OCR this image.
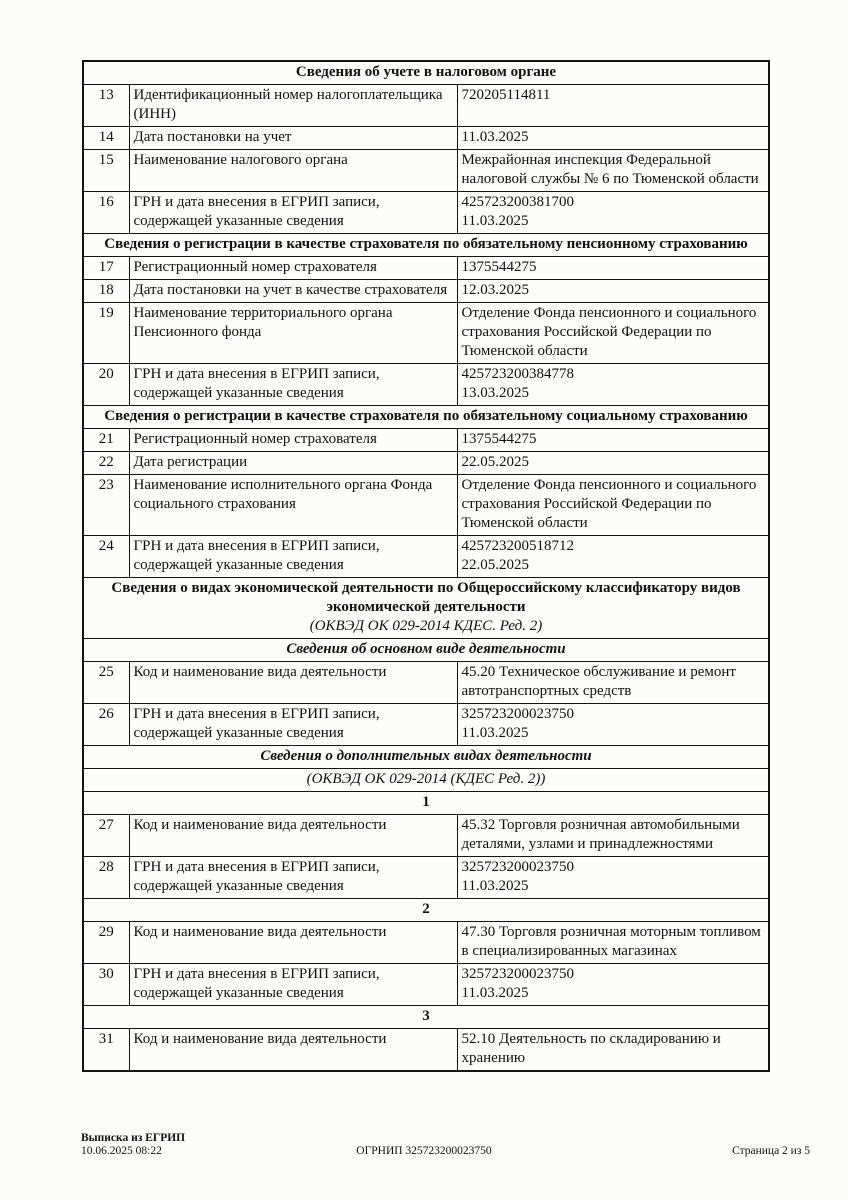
Сведения об учете в налоговом органе		

13	Идентификационный номер налогоплательщика (ИНН)	720205114811

14	Дата постановки на учет	11.03.2025

15	Наименование налогового органа	Межрайонная инспекция Федеральной налоговой службы № 6 по Тюменской области

16	ГРН и дата внесения в ЕГРИП записи, содержащей указанные сведения	425723200381700
11.03.2025

Сведения о регистрации в качестве страхователя по обязательному пенсионному страхованию		

17	Регистрационный номер страхователя	1375544275

18	Дата постановки на учет в качестве страхователя	12.03.2025

19	Наименование территориального органа Пенсионного фонда	Отделение Фонда пенсионного и социального страхования Российской Федерации по Тюменской области

20	ГРН и дата внесения в ЕГРИП записи, содержащей указанные сведения	425723200384778
13.03.2025

Сведения о регистрации в качестве страхователя по обязательному социальному страхованию		

21	Регистрационный номер страхователя	1375544275

22	Дата регистрации	22.05.2025

23	Наименование исполнительного органа Фонда социального страхования	Отделение Фонда пенсионного и социального страхования Российской Федерации по Тюменской области

24	ГРН и дата внесения в ЕГРИП записи, содержащей указанные сведения	425723200518712
22.05.2025

Сведения о видах экономической деятельности по Общероссийскому классификатору видов экономической деятельности
(ОКВЭД ОК 029-2014 КДЕС. Ред. 2)		

Сведения об основном виде деятельности		

25	Код и наименование вида деятельности	45.20 Техническое обслуживание и ремонт автотранспортных средств

26	ГРН и дата внесения в ЕГРИП записи, содержащей указанные сведения	325723200023750
11.03.2025

Сведения о дополнительных видах деятельности		

(ОКВЭД ОК 029-2014 (КДЕС Ред. 2))		

1		

27	Код и наименование вида деятельности	45.32 Торговля розничная автомобильными деталями, узлами и принадлежностями

28	ГРН и дата внесения в ЕГРИП записи, содержащей указанные сведения	325723200023750
11.03.2025

2		

29	Код и наименование вида деятельности	47.30 Торговля розничная моторным топливом в специализированных магазинах

30	ГРН и дата внесения в ЕГРИП записи, содержащей указанные сведения	325723200023750
11.03.2025

3		

31	Код и наименование вида деятельности	52.10 Деятельность по складированию и хранению
Выписка из ЕГРИП
10.06.2025 08:22	ОГРНИП 325723200023750	Страница 2 из 5
